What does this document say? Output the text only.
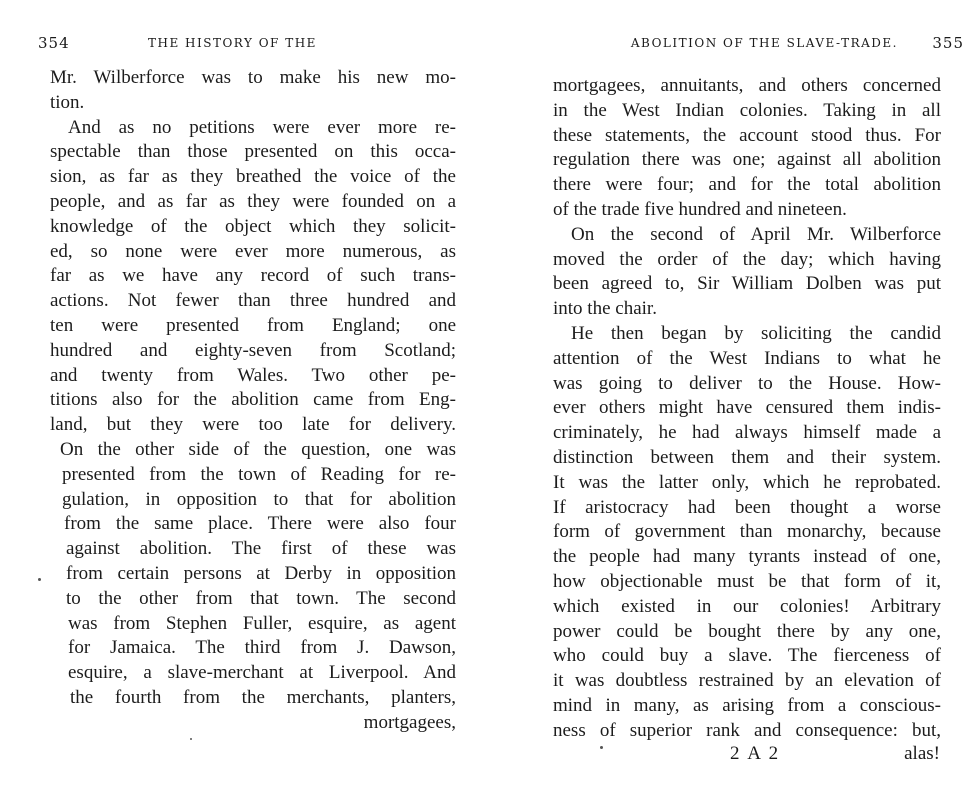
354	THE HISTORY OF THE
Mr. Wilberforce was to make his new mo-
tion.
And as no petitions were ever more re-
spectable than those presented on this occa-
sion, as far as they breathed the voice of the
people, and as far as they were founded on a
knowledge of the object which they solicit-
ed, so none were ever more numerous, as
far as we have any record of such trans-
actions. Not fewer than three hundred and
ten were presented from England; one
hundred and eighty-seven from Scotland;
and twenty from Wales. Two other pe-
titions also for the abolition came from Eng-
land, but they were too late for delivery.
On the other side of the question, one was
presented from the town of Reading for re-
gulation, in opposition to that for abolition
from the same place. There were also four
against abolition. The first of these was
from certain persons at Derby in opposition
to the other from that town. The second
was from Stephen Fuller, esquire, as agent
for Jamaica. The third from J. Dawson,
esquire, a slave-merchant at Liverpool. And
the fourth from the merchants, planters,
mortgagees,
ABOLITION OF THE SLAVE-TRADE. 355
mortgagees, annuitants, and others concerned
in the West Indian colonies. Taking in all
these statements, the account stood thus. For
regulation there was one; against all abolition
there were four; and for the total abolition
of the trade five hundred and nineteen.
On the second of April Mr. Wilberforce
moved the order of the day; which having
been agreed to, Sir William Dolben was put
into the chair.
He then began by soliciting the candid
attention of the West Indians to what he
was going to deliver to the House. How-
ever others might have censured them indis-
criminately, he had always himself made a
distinction between them and their system.
It was the latter only, which he reprobated.
If aristocracy had been thought a worse
form of government than monarchy, because
the people had many tyrants instead of one,
how objectionable must be that form of it,
which existed in our colonies! Arbitrary
power could be bought there by any one,
who could buy a slave. The fierceness of
it was doubtless restrained by an elevation of
mind in many, as arising from a conscious-
ness of superior rank and consequence: but,
2 A 2	alas!
